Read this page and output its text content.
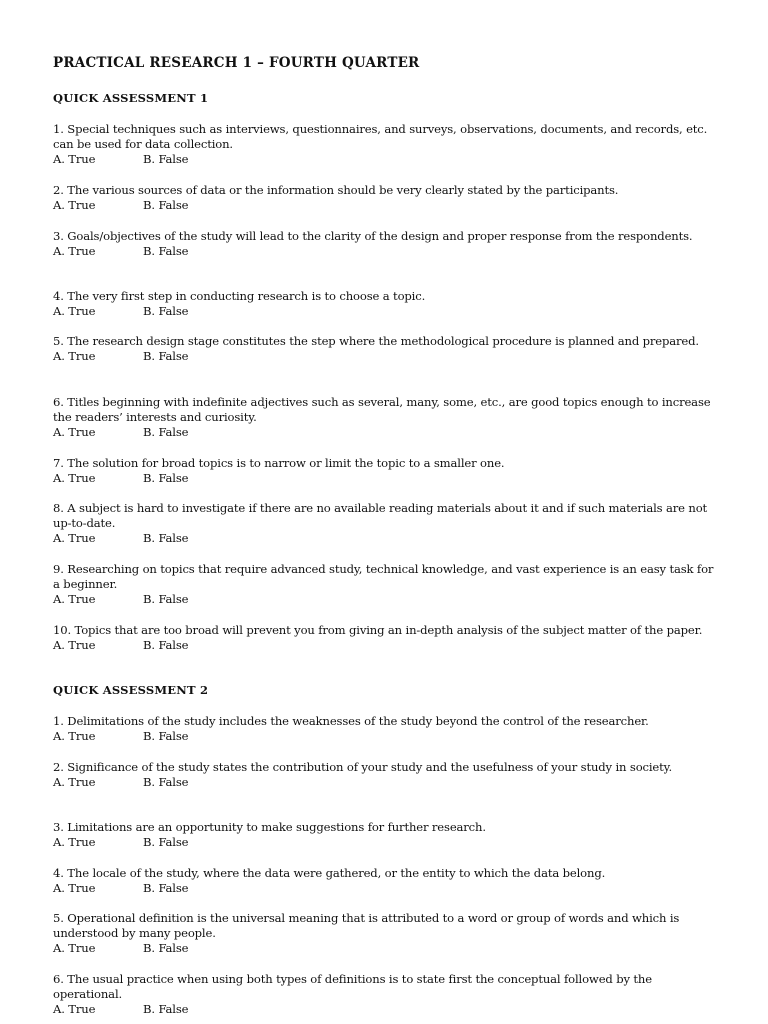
PRACTICAL RESEARCH 1 – FOURTH QUARTER
QUICK ASSESSMENT 1
1. Special techniques such as interviews, questionnaires, and surveys, observations, documents, and records, etc. can be used for data collection.
A. True	B. False
2. The various sources of data or the information should be very clearly stated by the participants.
A. True	B. False
3. Goals/objectives of the study will lead to the clarity of the design and proper response from the respondents.
A. True	B. False
4. The very first step in conducting research is to choose a topic.
A. True	B. False
5. The research design stage constitutes the step where the methodological procedure is planned and prepared.
A. True	B. False
6. Titles beginning with indefinite adjectives such as several, many, some, etc., are good topics enough to increase the readers’ interests and curiosity.
A. True	B. False
7. The solution for broad topics is to narrow or limit the topic to a smaller one.
A. True	B. False
8. A subject is hard to investigate if there are no available reading materials about it and if such materials are not up-to-date.
A. True	B. False
9. Researching on topics that require advanced study, technical knowledge, and vast experience is an easy task for a beginner.
A. True	B. False
10. Topics that are too broad will prevent you from giving an in-depth analysis of the subject matter of the paper.
A. True	B. False
QUICK ASSESSMENT 2
1. Delimitations of the study includes the weaknesses of the study beyond the control of the researcher.
A. True	B. False
2. Significance of the study states the contribution of your study and the usefulness of your study in society.
A. True	B. False
3. Limitations are an opportunity to make suggestions for further research.
A. True	B. False
4. The locale of the study, where the data were gathered, or the entity to which the data belong.
A. True	B. False
5. Operational definition is the universal meaning that is attributed to a word or group of words and which is understood by many people.
A. True	B. False
6. The usual practice when using both types of definitions is to state first the conceptual followed by the operational.
A. True	B. False
